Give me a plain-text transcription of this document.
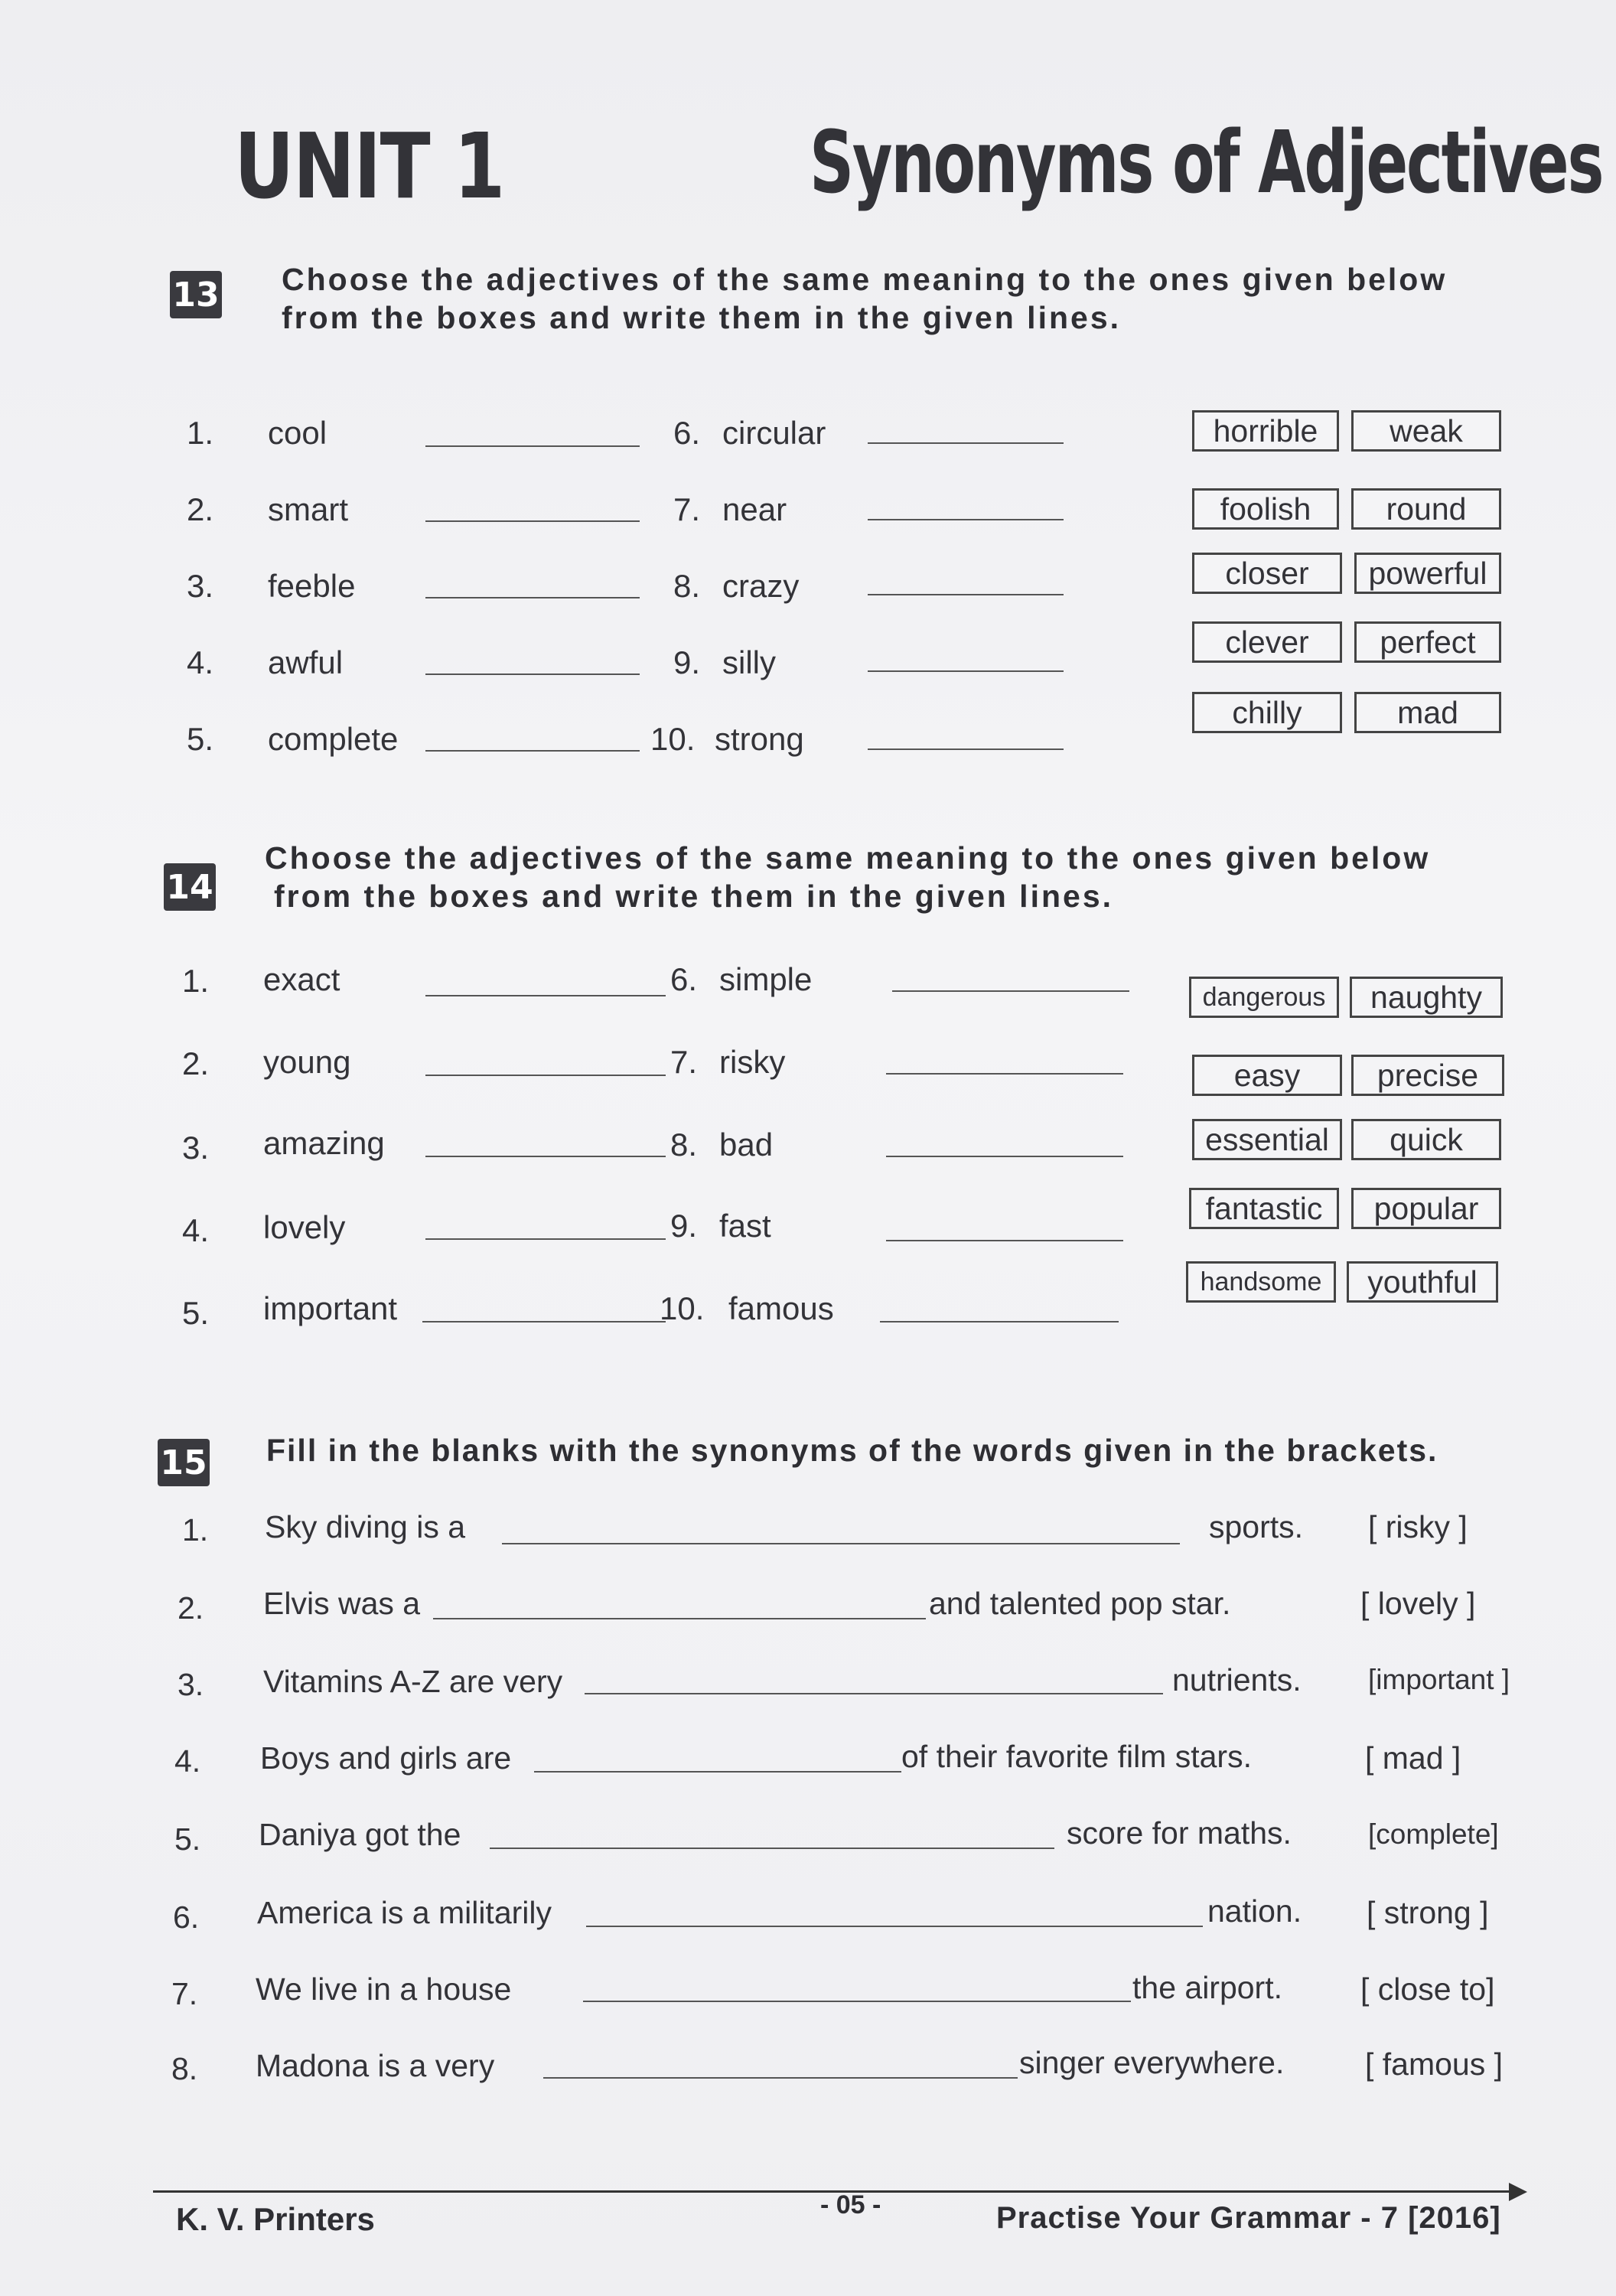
UNIT 1	Synonyms of Adjectives
13 Choose the adjectives of the same meaning to the ones given below
from the boxes and write them in the given lines.
1. cool
2. smart
3. feeble
4. awful
5. complete
6. circular
7. near
8. crazy
9. silly
10. strong
horrible	weak
foolish	round
closer	powerful
clever	perfect
chilly	mad
14
Choose the adjectives of the same meaning to the ones given below
from the boxes and write them in the given lines.
1. exact
2. young
3. amazing
4. lovely
5. important
6. simple
7. risky
8. bad
9. fast
10. famous
dangerous	naughty
easy	precise
essential	quick
fantastic	popular
handsome	youthful
15 Fill in the blanks with the synonyms of the words given in the brackets.
1. Sky diving is a	sports. [ risky ]
2. Elvis was a	and talented pop star.	[ lovely ]
3. Vitamins A-Z are very	nutrients. [important ]
4. Boys and girls are	of their favorite film stars.	[ mad ]
5. Daniya got the	score for maths.	[complete]
6. America is a militarily	nation. [ strong ]
7. We live in a house	the airport. [ close to]
8. Madona is a very	singer everywhere.	[ famous ]
K. V. Printers	- 05 -	Practise Your Grammar - 7 [2016]
